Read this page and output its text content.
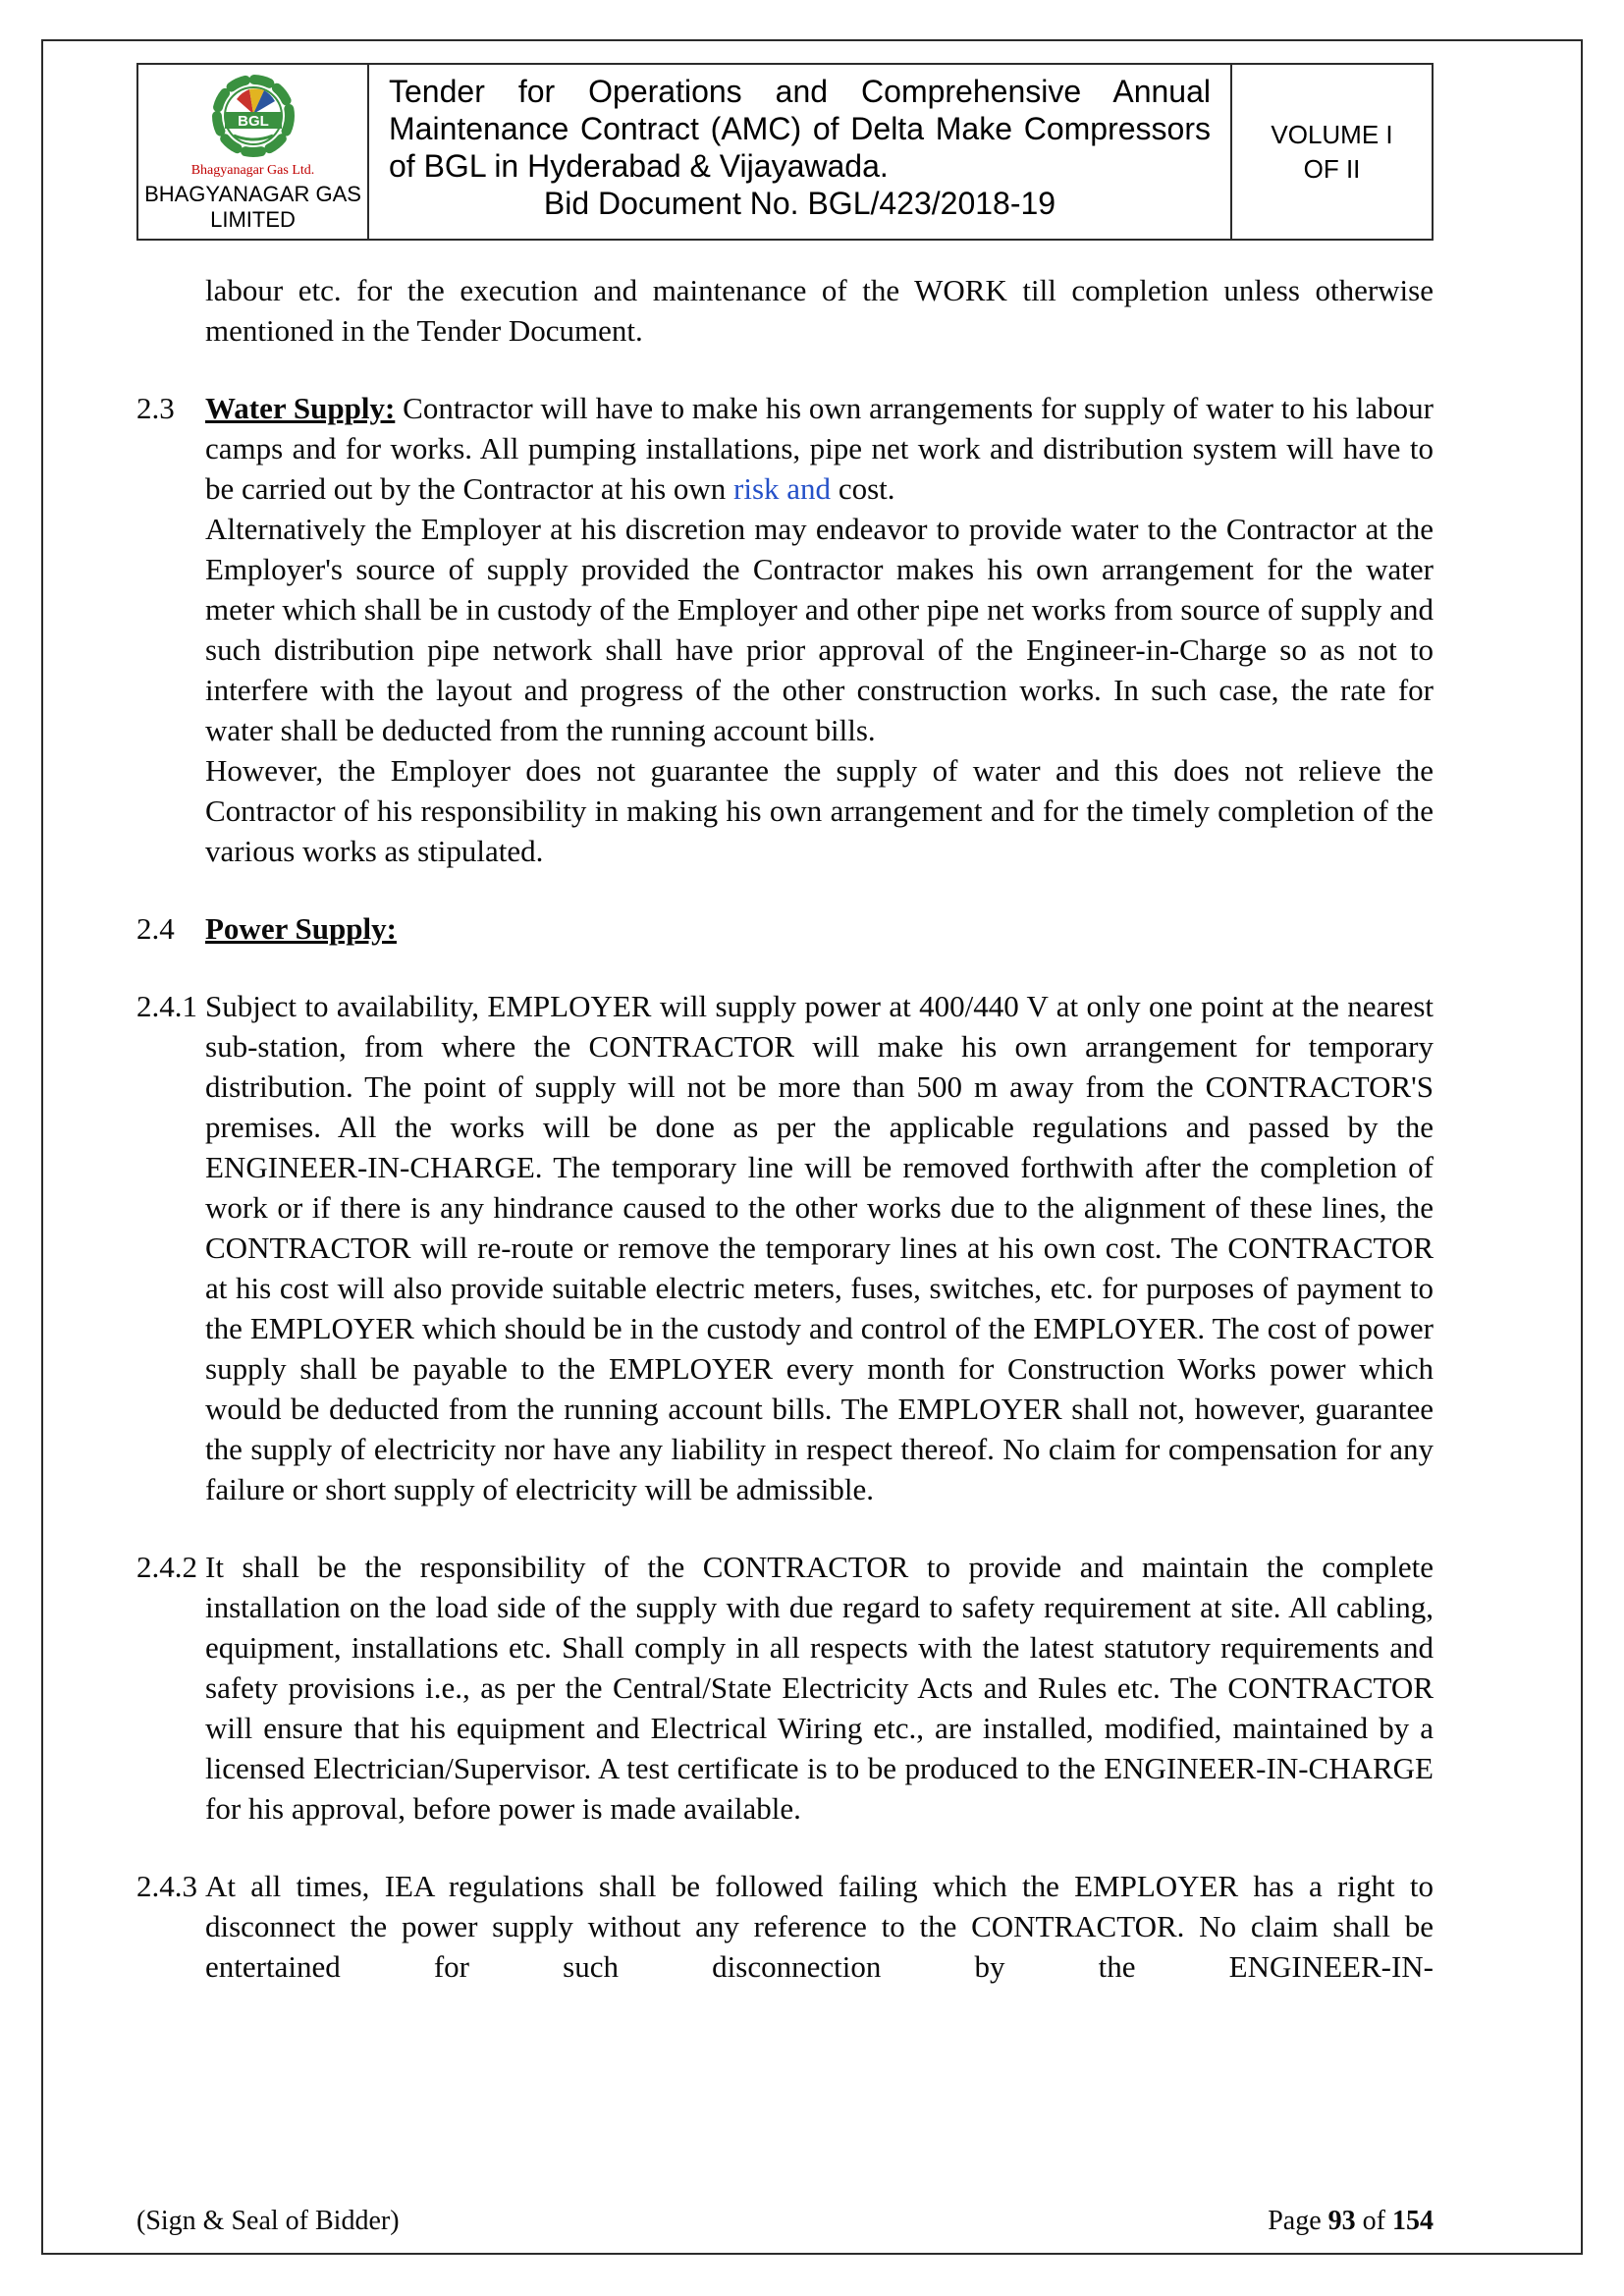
BGL
Bhagyanagar Gas Ltd.
BHAGYANAGAR GAS
LIMITED
Tender for Operations and Comprehensive Annual Maintenance Contract (AMC) of Delta Make Compressors of BGL in Hyderabad & Vijayawada.
Bid Document No. BGL/423/2018-19
VOLUME I
OF II

labour etc. for the execution and maintenance of the WORK till completion unless otherwise mentioned in the Tender Document.

2.3 Water Supply: Contractor will have to make his own arrangements for supply of water to his labour camps and for works. All pumping installations, pipe net work and distribution system will have to be carried out by the Contractor at his own risk and cost.
Alternatively the Employer at his discretion may endeavor to provide water to the Contractor at the Employer's source of supply provided the Contractor makes his own arrangement for the water meter which shall be in custody of the Employer and other pipe net works from source of supply and such distribution pipe network shall have prior approval of the Engineer-in-Charge so as not to interfere with the layout and progress of the other construction works. In such case, the rate for water shall be deducted from the running account bills.
However, the Employer does not guarantee the supply of water and this does not relieve the Contractor of his responsibility in making his own arrangement and for the timely completion of the various works as stipulated.
2.4 Power Supply:
2.4.1 Subject to availability, EMPLOYER will supply power at 400/440 V at only one point at the nearest sub-station, from where the CONTRACTOR will make his own arrangement for temporary distribution. The point of supply will not be more than 500 m away from the CONTRACTOR'S premises. All the works will be done as per the applicable regulations and passed by the ENGINEER-IN-CHARGE. The temporary line will be removed forthwith after the completion of work or if there is any hindrance caused to the other works due to the alignment of these lines, the CONTRACTOR will re-route or remove the temporary lines at his own cost. The CONTRACTOR at his cost will also provide suitable electric meters, fuses, switches, etc. for purposes of payment to the EMPLOYER which should be in the custody and control of the EMPLOYER. The cost of power supply shall be payable to the EMPLOYER every month for Construction Works power which would be deducted from the running account bills. The EMPLOYER shall not, however, guarantee the supply of electricity nor have any liability in respect thereof. No claim for compensation for any failure or short supply of electricity will be admissible.
2.4.2 It shall be the responsibility of the CONTRACTOR to provide and maintain the complete installation on the load side of the supply with due regard to safety requirement at site. All cabling, equipment, installations etc. Shall comply in all respects with the latest statutory requirements and safety provisions i.e., as per the Central/State Electricity Acts and Rules etc. The CONTRACTOR will ensure that his equipment and Electrical Wiring etc., are installed, modified, maintained by a licensed Electrician/Supervisor. A test certificate is to be produced to the ENGINEER-IN-CHARGE for his approval, before power is made available.
2.4.3 At all times, IEA regulations shall be followed failing which the EMPLOYER has a right to disconnect the power supply without any reference to the CONTRACTOR. No claim shall be entertained for such disconnection by the ENGINEER-IN-
(Sign & Seal of Bidder)	Page 93 of 154
